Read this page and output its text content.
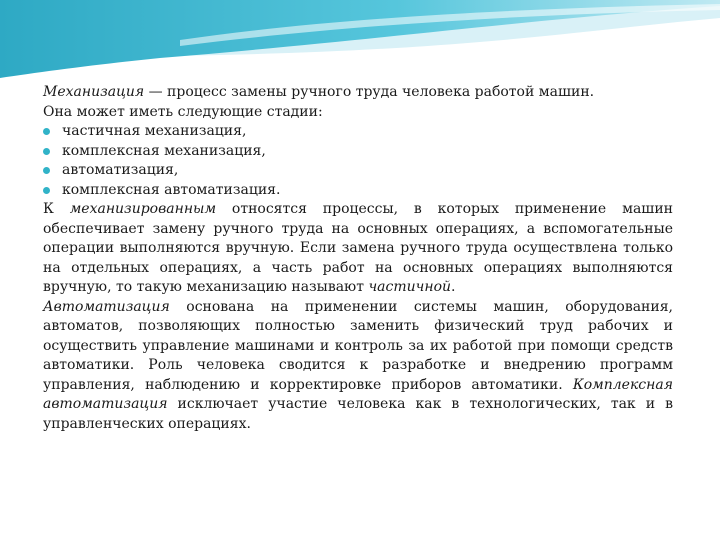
Механизация — процесс замены ручного труда человека работой машин.

Она может иметь следующие стадии:

частичная механизация,
комплексная механизация,
автоматизация,
комплексная автоматизация.

К механизированным относятся процессы, в которых применение машин обеспечивает замену ручного труда на основных операциях, а вспомогательные операции выполняются вручную. Если замена ручного труда осуществлена только на отдельных операциях, а часть работ на основных операциях выполняются вручную, то такую механизацию называют частичной.

Автоматизация основана на применении системы машин, оборудования, автоматов, позволяющих полностью заменить физический труд рабочих и осуществить управление машинами и контроль за их работой при помощи средств автоматики. Роль человека сводится к разработке и внедрению программ управления, наблюдению и корректировке приборов автоматики. Комплексная автоматизация исключает участие человека как в технологических, так и в управленческих операциях.
